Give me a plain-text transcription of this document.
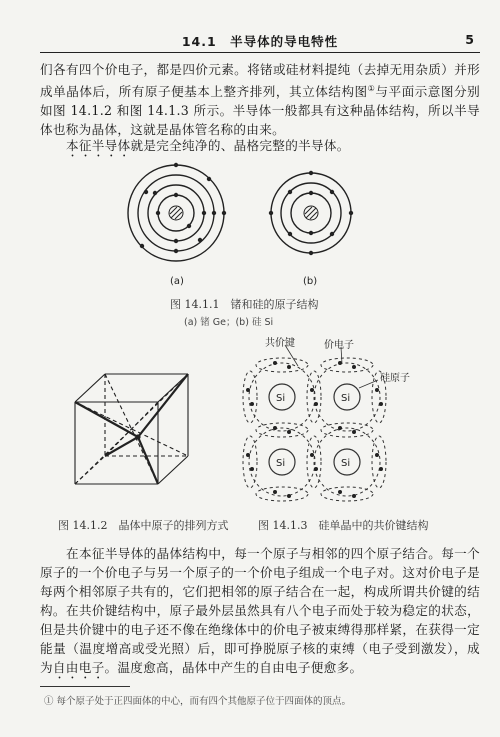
14.1　半导体的导电特性	5

们各有四个价电子，都是四价元素。将锗或硅材料提纯（去掉无用杂质）并形成单晶体后，所有原子便基本上整齐排列，其立体结构图①与平面示意图分别如图 14.1.2 和图 14.1.3 所示。半导体一般都具有这种晶体结构，所以半导体也称为晶体，这就是晶体管名称的由来。

本征半导体就是完全纯净的、晶格完整的半导体。

(a)	(b)
共价键	价电子
硅原子
Si	Si
Si	Si
图 14.1.1　锗和硅的原子结构
(a) 锗 Ge；(b) 硅 Si
图 14.1.2　晶体中原子的排列方式	图 14.1.3　硅单晶中的共价键结构

在本征半导体的晶体结构中，每一个原子与相邻的四个原子结合。每一个原子的一个价电子与另一个原子的一个价电子组成一个电子对。这对价电子是每两个相邻原子共有的，它们把相邻的原子结合在一起，构成所谓共价键的结构。 在共价键结构中，原子最外层虽然具有八个电子而处于较为稳定的状态，但是共价键中的电子还不像在绝缘体中的价电子被束缚得那样紧，在获得一定能量（温度增高或受光照）后，即可挣脱原子核的束缚（电子受到激发），成为自由电子。温度愈高，晶体中产生的自由电子便愈多。

① 每个原子处于正四面体的中心，而有四个其他原子位于四面体的顶点。
